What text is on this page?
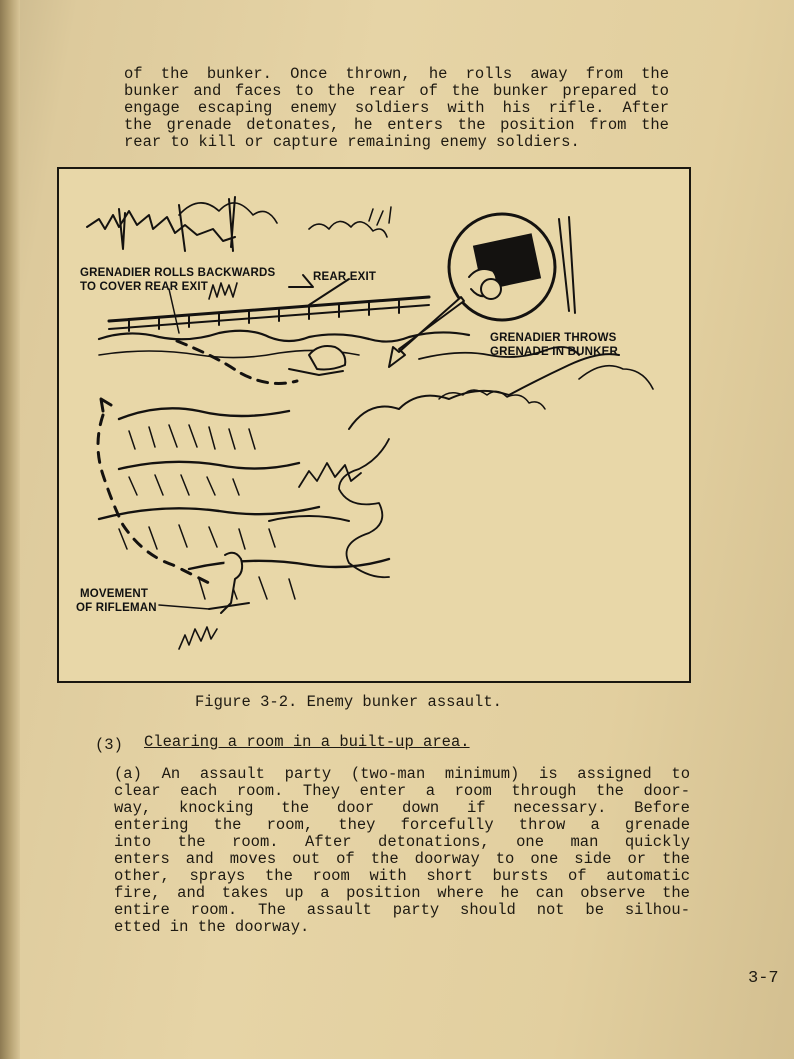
of the bunker. Once thrown, he rolls away from the
bunker and faces to the rear of the bunker prepared to
engage escaping enemy soldiers with his rifle. After
the grenade detonates, he enters the position from the
rear to kill or capture remaining enemy soldiers.
GRENADIER ROLLS BACKWARDS
TO COVER REAR EXIT
REAR EXIT
GRENADIER THROWS
GRENADE IN BUNKER
MOVEMENT
OF RIFLEMAN
Figure 3-2. Enemy bunker assault.
(3) Clearing a room in a built-up area.
(a) An assault party (two-man minimum) is assigned to
clear each room. They enter a room through the door-
way, knocking the door down if necessary. Before
entering the room, they forcefully throw a grenade
into the room. After detonations, one man quickly
enters and moves out of the doorway to one side or the
other, sprays the room with short bursts of automatic
fire, and takes up a position where he can observe the
entire room. The assault party should not be silhou-
etted in the doorway.
3-7
